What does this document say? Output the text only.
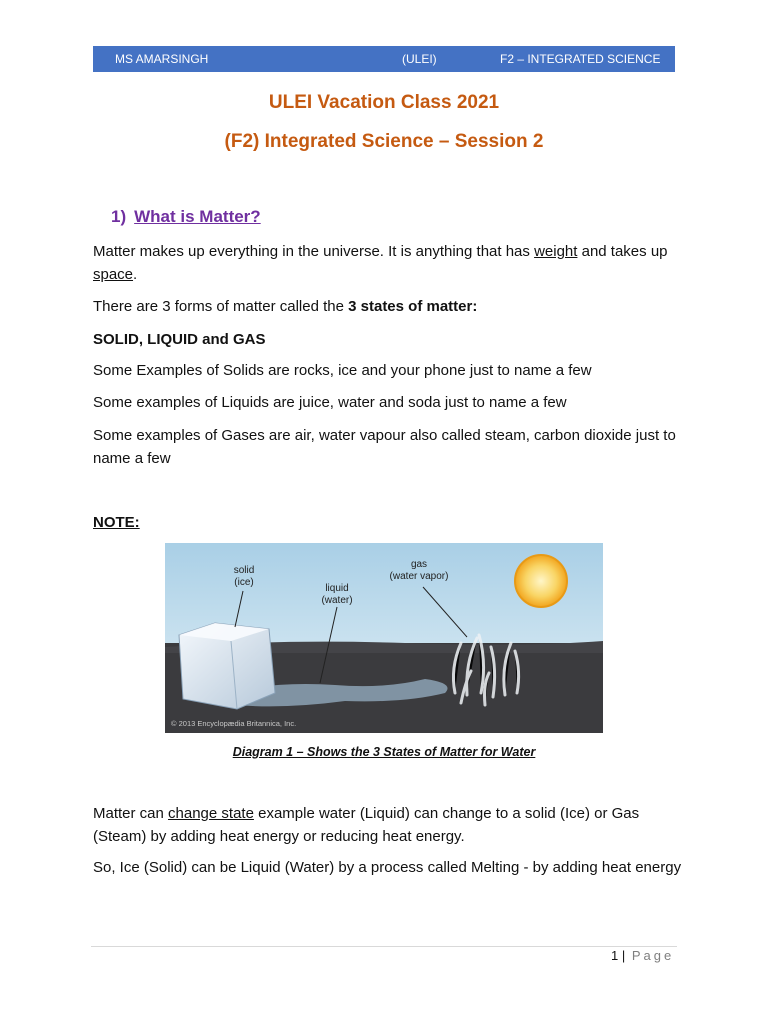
MS AMARSINGH	(ULEI)	F2 – INTEGRATED SCIENCE
ULEI Vacation Class 2021
(F2) Integrated Science – Session 2
1) What is Matter?
Matter makes up everything in the universe. It is anything that has weight and takes up space.
There are 3 forms of matter called the 3 states of matter:
SOLID, LIQUID and GAS
Some Examples of Solids are rocks, ice and your phone just to name a few
Some examples of Liquids are juice, water and soda just to name a few
Some examples of Gases are air, water vapour also called steam, carbon dioxide just to name a few
NOTE:
solid
(ice)
liquid
(water)
gas
(water vapor)
© 2013 Encyclopædia Britannica, Inc.
Diagram 1 – Shows the 3 States of Matter for Water
Matter can change state example water (Liquid) can change to a solid (Ice) or Gas (Steam) by adding heat energy or reducing heat energy.
So, Ice (Solid) can be Liquid (Water) by a process called Melting - by adding heat energy
1 | Page
